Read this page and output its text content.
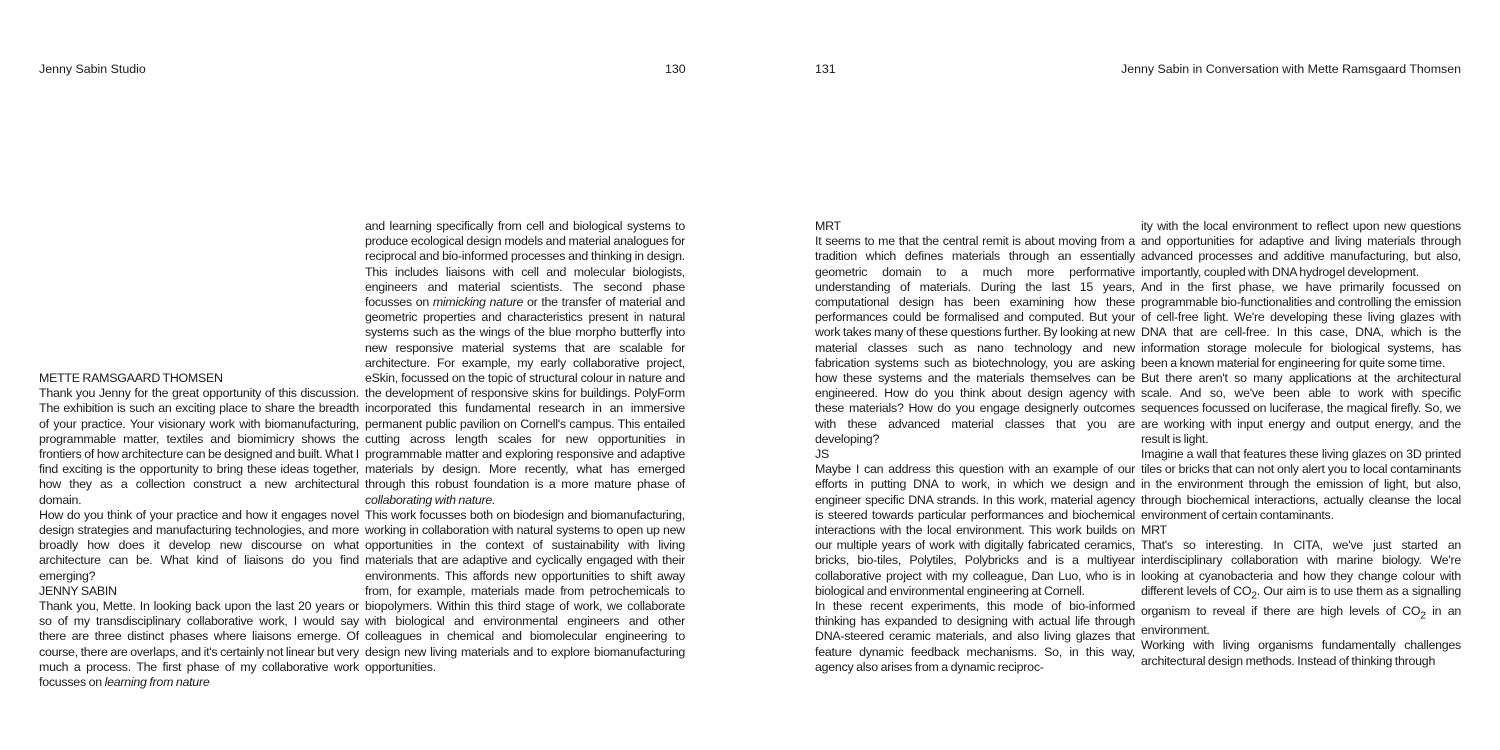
Jenny Sabin Studio	130	131	Jenny Sabin in Conversation with Mette Ramsgaard Thomsen

METTE RAMSGAARD THOMSEN

Thank you Jenny for the great opportunity of this discussion. The exhibition is such an exciting place to share the breadth of your practice. Your visionary work with biomanufacturing, programmable matter, textiles and biomimicry shows the frontiers of how architecture can be designed and built. What I find exciting is the opportunity to bring these ideas together, how they as a collection construct a new architectural domain.

How do you think of your practice and how it engages novel design strategies and manufacturing technologies, and more broadly how does it develop new discourse on what architecture can be. What kind of liaisons do you find emerging?

JENNY SABIN

Thank you, Mette. In looking back upon the last 20 years or so of my transdisciplinary collaborative work, I would say there are three distinct phases where liaisons emerge. Of course, there are overlaps, and it's certainly not linear but very much a process. The first phase of my collaborative work focusses on learning from nature

and learning specifically from cell and biological systems to produce ecological design models and material analogues for reciprocal and bio-informed processes and thinking in design. This includes liaisons with cell and molecular biologists, engineers and material scientists. The second phase focusses on mimicking nature or the transfer of material and geometric properties and characteristics present in natural systems such as the wings of the blue morpho butterfly into new responsive material systems that are scalable for architecture. For example, my early collaborative project, eSkin, focussed on the topic of structural colour in nature and the development of responsive skins for buildings. PolyForm incorporated this fundamental research in an immersive permanent public pavilion on Cornell's campus. This entailed cutting across length scales for new opportunities in programmable matter and exploring responsive and adaptive materials by design. More recently, what has emerged through this robust foundation is a more mature phase of collaborating with nature.

This work focusses both on biodesign and biomanufacturing, working in collaboration with natural systems to open up new opportunities in the context of sustainability with living materials that are adaptive and cyclically engaged with their environments. This affords new opportunities to shift away from, for example, materials made from petrochemicals to biopolymers. Within this third stage of work, we collaborate with biological and environmental engineers and other colleagues in chemical and biomolecular engineering to design new living materials and to explore biomanufacturing opportunities.

MRT

It seems to me that the central remit is about moving from a tradition which defines materials through an essentially geometric domain to a much more performative understanding of materials. During the last 15 years, computational design has been examining how these performances could be formalised and computed. But your work takes many of these questions further. By looking at new material classes such as nano technology and new fabrication systems such as biotechnology, you are asking how these systems and the materials themselves can be engineered. How do you think about design agency with these materials? How do you engage designerly outcomes with these advanced material classes that you are developing?

JS

Maybe I can address this question with an example of our efforts in putting DNA to work, in which we design and engineer specific DNA strands. In this work, material agency is steered towards particular performances and biochemical interactions with the local environment. This work builds on our multiple years of work with digitally fabricated ceramics, bricks, bio-tiles, Polytiles, Polybricks and is a multiyear collaborative project with my colleague, Dan Luo, who is in biological and environmental engineering at Cornell.

In these recent experiments, this mode of bio-informed thinking has expanded to designing with actual life through DNA-steered ceramic materials, and also living glazes that feature dynamic feedback mechanisms. So, in this way, agency also arises from a dynamic reciproc-

ity with the local environment to reflect upon new questions and opportunities for adaptive and living materials through advanced processes and additive manufacturing, but also, importantly, coupled with DNA hydrogel development.

And in the first phase, we have primarily focussed on programmable bio-functionalities and controlling the emission of cell-free light. We're developing these living glazes with DNA that are cell-free. In this case, DNA, which is the information storage molecule for biological systems, has been a known material for engineering for quite some time.

But there aren't so many applications at the architectural scale. And so, we've been able to work with specific sequences focussed on luciferase, the magical firefly. So, we are working with input energy and output energy, and the result is light.

Imagine a wall that features these living glazes on 3D printed tiles or bricks that can not only alert you to local contaminants in the environment through the emission of light, but also, through biochemical interactions, actually cleanse the local environment of certain contaminants.

MRT

That's so interesting. In CITA, we've just started an interdisciplinary collaboration with marine biology. We're looking at cyanobacteria and how they change colour with different levels of $CO_2$. Our aim is to use them as a signalling organism to reveal if there are high levels of $CO_2$ in an environment.

Working with living organisms fundamentally challenges architectural design methods. Instead of thinking through
